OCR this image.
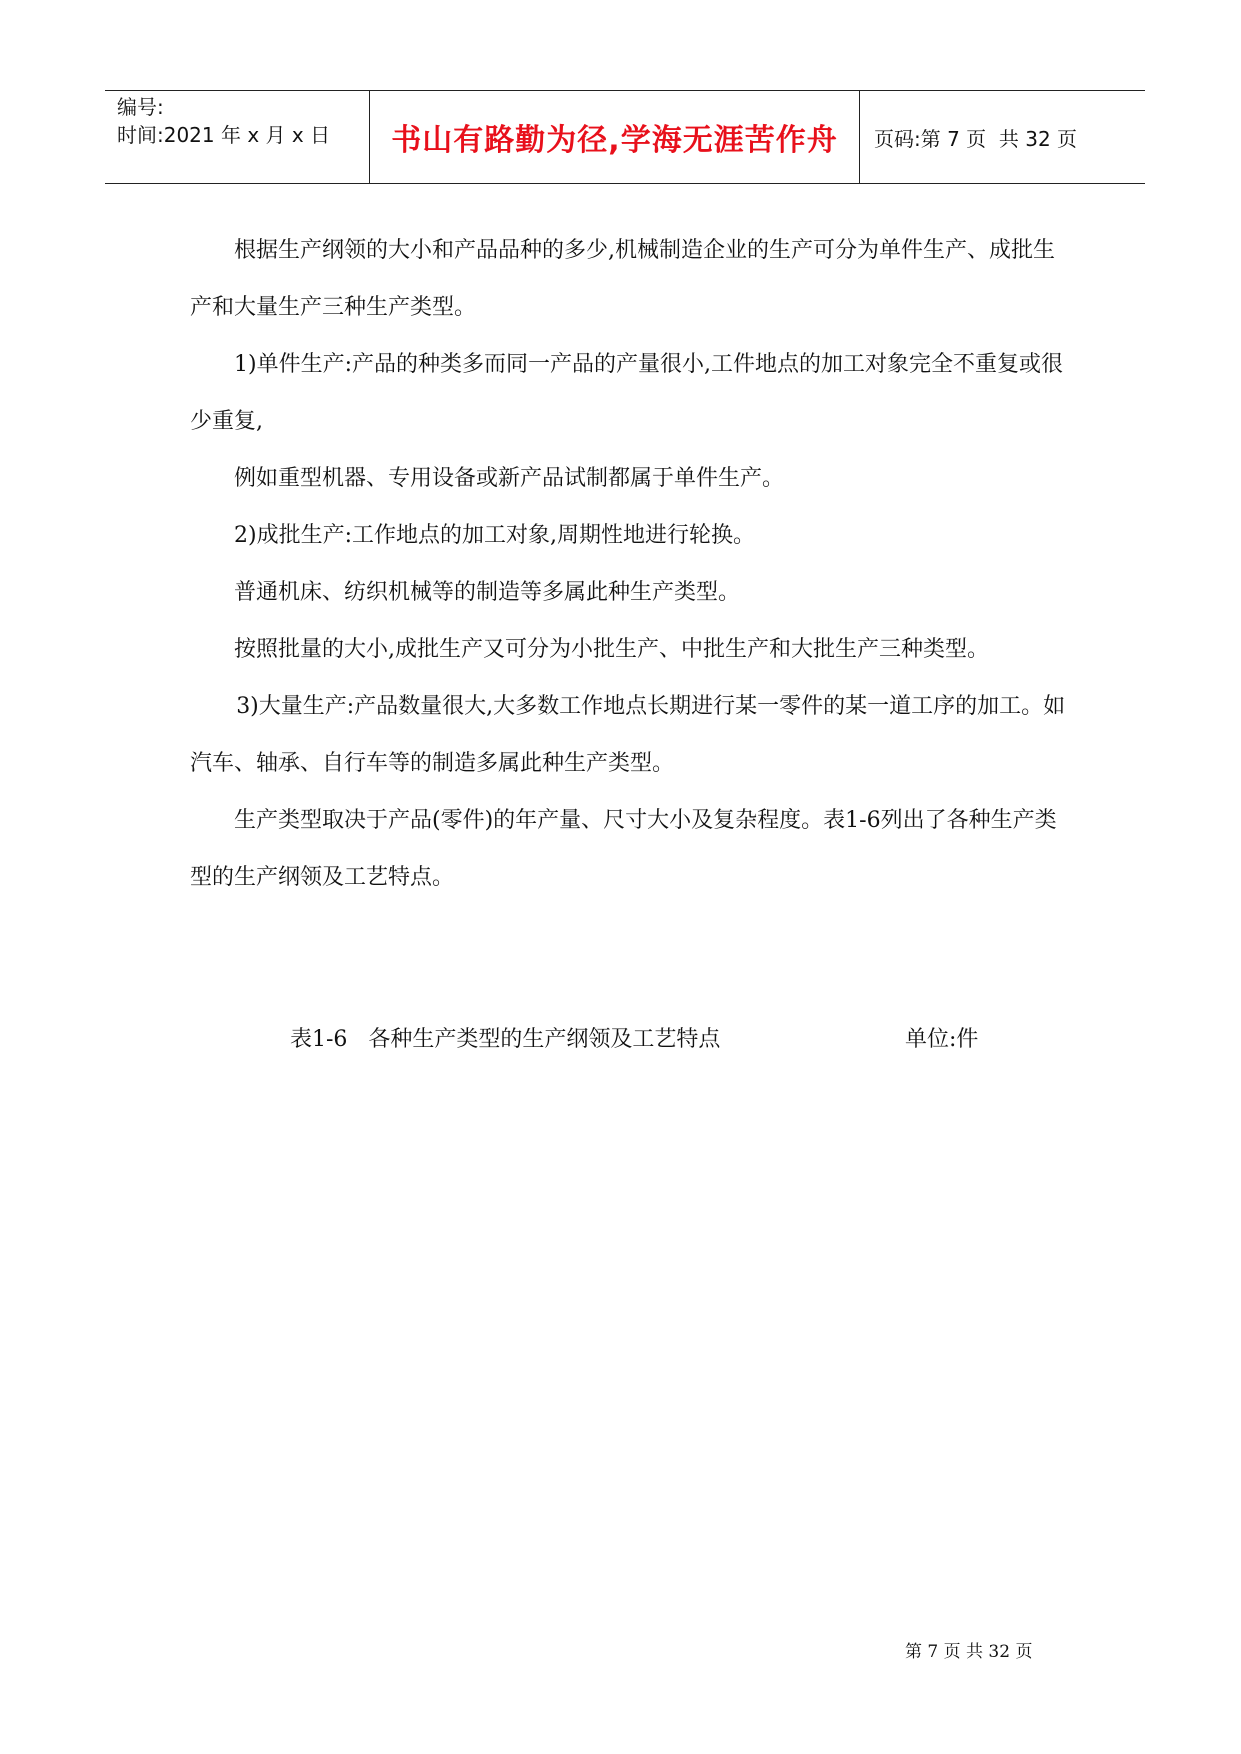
编号:
时间:2021 年 x 月 x 日	书山有路勤为径,学海无涯苦作舟	页码:第 7 页  共 32 页

根据生产纲领的大小和产品品种的多少,机械制造企业的生产可分为单件生产、成批生产和大量生产三种生产类型。

1)单件生产:产品的种类多而同一产品的产量很小,工件地点的加工对象完全不重复或很少重复,

例如重型机器、专用设备或新产品试制都属于单件生产。

2)成批生产:工作地点的加工对象,周期性地进行轮换。

普通机床、纺织机械等的制造等多属此种生产类型。

按照批量的大小,成批生产又可分为小批生产、中批生产和大批生产三种类型。

3)大量生产:产品数量很大,大多数工作地点长期进行某一零件的某一道工序的加工。如汽车、轴承、自行车等的制造多属此种生产类型。

生产类型取决于产品(零件)的年产量、尺寸大小及复杂程度。表1-6列出了各种生产类型的生产纲领及工艺特点。

表1-6   各种生产类型的生产纲领及工艺特点	单位:件
第 7 页 共 32 页
